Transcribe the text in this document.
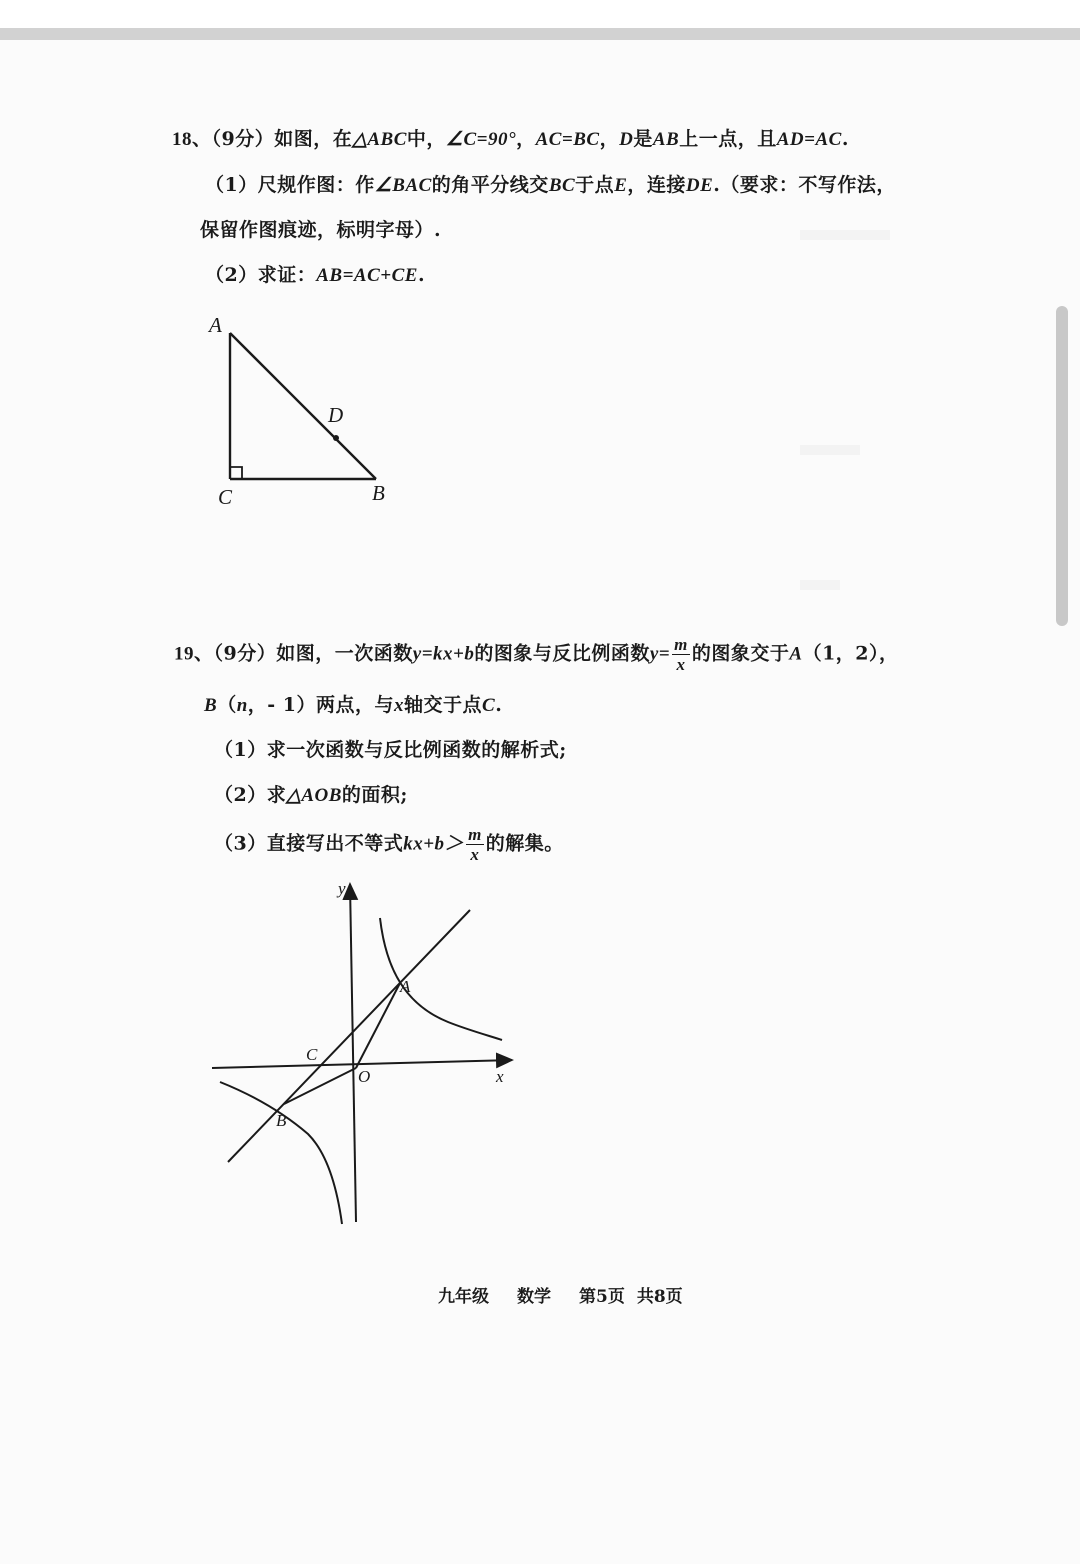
18、（9分）如图，在△ABC中，∠C=90°，AC=BC，D是AB上一点，且AD=AC.
（1）尺规作图：作∠BAC的角平分线交BC于点E，连接DE.（要求：不写作法，
保留作图痕迹，标明字母）.
（2）求证：AB=AC+CE.
A
D
C	B
19、（9分）如图，一次函数y=kx+b的图象与反比例函数$y= \frac{m}{x}$ 的图象交于A（1，2），
B（n，- 1）两点，与x轴交于点C.
（1）求一次函数与反比例函数的解析式;
（2）求△AOB的面积;
（3）直接写出不等式$kx+b> \frac{m}{x}$ 的解集。
y
x
O
A
C
B
九年级 数学 第5页 共8页
